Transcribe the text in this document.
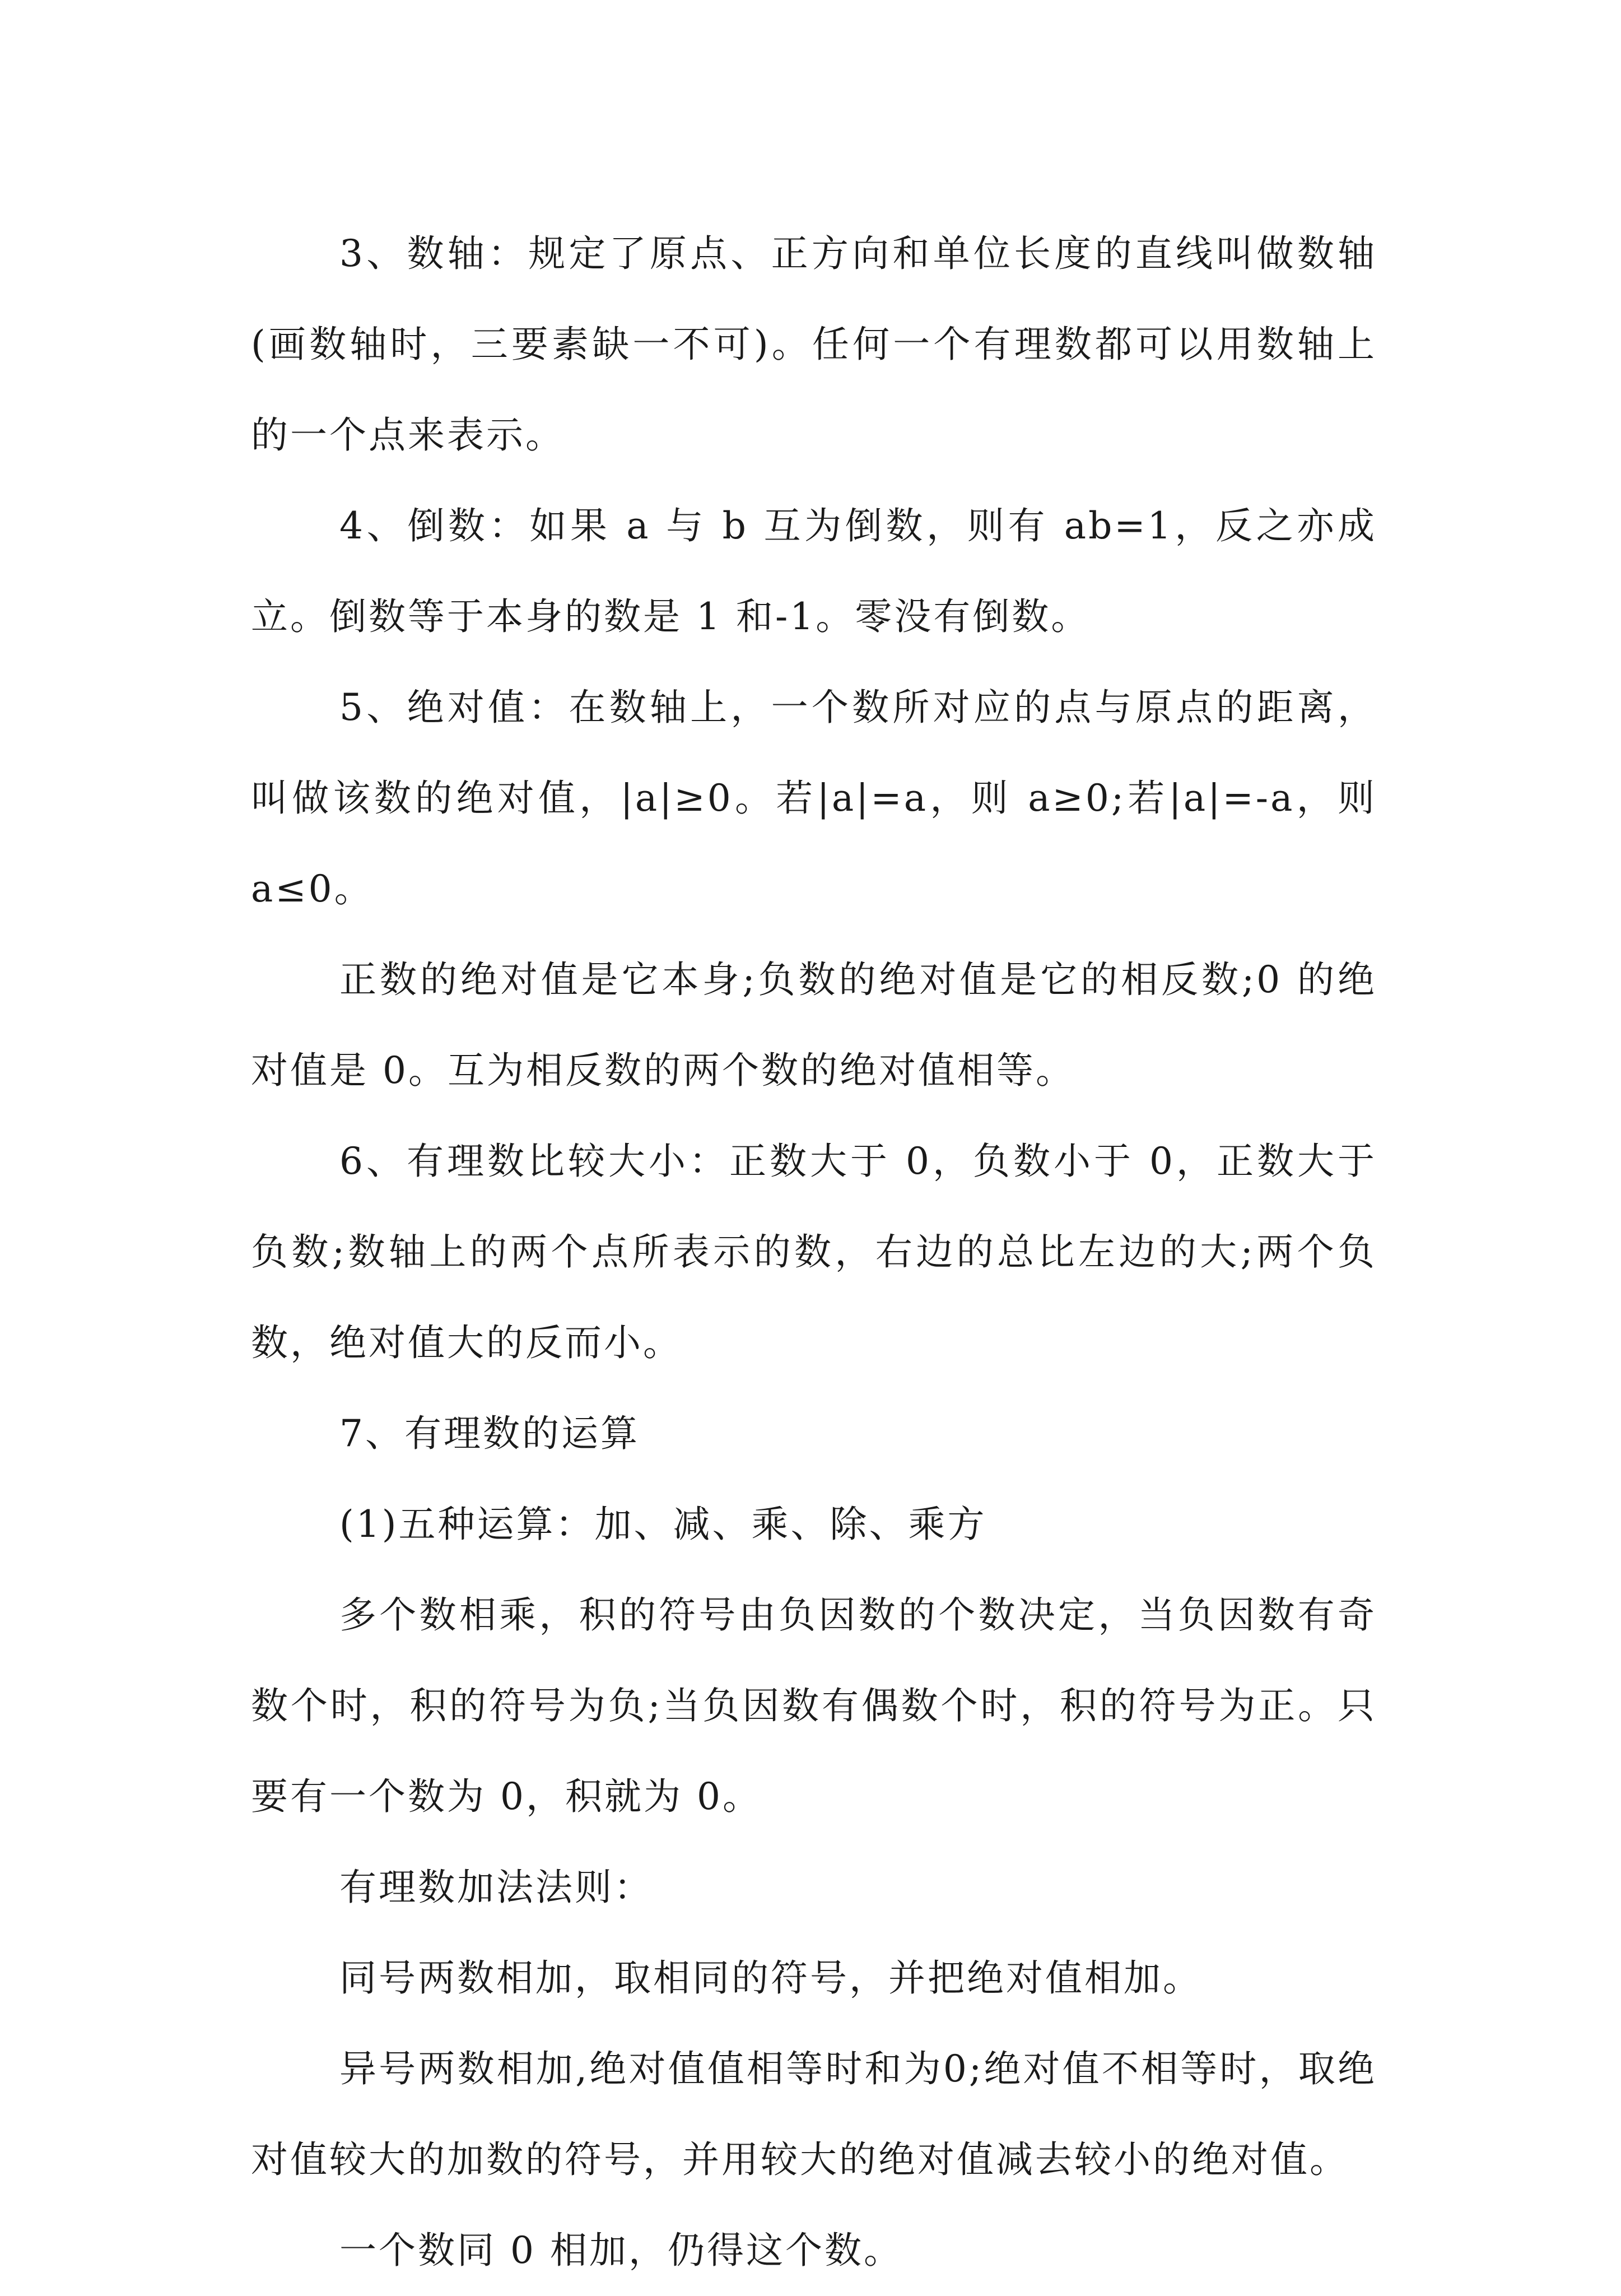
3、数轴：规定了原点、正方向和单位长度的直线叫做数轴(画数轴时，三要素缺一不可)。任何一个有理数都可以用数轴上的一个点来表示。

4、倒数：如果 a 与 b 互为倒数，则有 ab=1，反之亦成立。倒数等于本身的数是 1 和-1。零没有倒数。

5、绝对值：在数轴上，一个数所对应的点与原点的距离，叫做该数的绝对值，|a|≥0。若|a|=a，则 a≥0;若|a|=-a，则 a≤0。

正数的绝对值是它本身;负数的绝对值是它的相反数;0 的绝对值是 0。互为相反数的两个数的绝对值相等。

6、有理数比较大小：正数大于 0，负数小于 0，正数大于负数;数轴上的两个点所表示的数，右边的总比左边的大;两个负数，绝对值大的反而小。

7、有理数的运算

(1)五种运算：加、减、乘、除、乘方

多个数相乘，积的符号由负因数的个数决定，当负因数有奇数个时，积的符号为负;当负因数有偶数个时，积的符号为正。只要有一个数为 0，积就为 0。

有理数加法法则：

同号两数相加，取相同的符号，并把绝对值相加。

异号两数相加,绝对值值相等时和为0;绝对值不相等时，取绝对值较大的加数的符号，并用较大的绝对值减去较小的绝对值。

一个数同 0 相加，仍得这个数。
